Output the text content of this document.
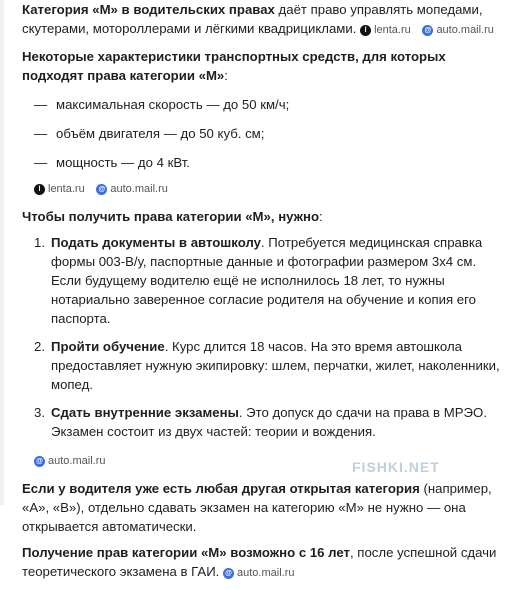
Категория «М» в водительских правах даёт право управлять мопедами, скутерами, мотороллерами и лёгкими квадрициклами.	l lenta.ru
@ auto.mail.ru

Некоторые характеристики транспортных средств, для которых подходят права категории «М»:

— максимальная скорость — до 50 км/ч;
— объём двигателя — до 50 куб. см;
— мощность — до 4 кВт.
l lenta.ru
@ auto.mail.ru

Чтобы получить права категории «М», нужно:

1. Подать документы в автошколу. Потребуется медицинская справка формы 003-В/у, паспортные данные и фотографии размером 3х4 см. Если будущему водителю ещё не исполнилось 18 лет, то нужны нотариально заверенное согласие родителя на обучение и копия его паспорта.
2. Пройти обучение. Курс длится 18 часов. На это время автошкола предоставляет нужную экипировку: шлем, перчатки, жилет, наколенники, мопед.
3. Сдать внутренние экзамены. Это допуск до сдачи на права в МРЭО. Экзамен состоит из двух частей: теории и вождения.
@ auto.mail.ru

Если у водителя уже есть любая другая открытая категория (например, «А», «В»), отдельно сдавать экзамен на категорию «М» не нужно — она открывается автоматически.

Получение прав категории «М» возможно с 16 лет, после успешной сдачи теоретического экзамена в ГАИ. @ auto.mail.ru

FISHKI.NET
